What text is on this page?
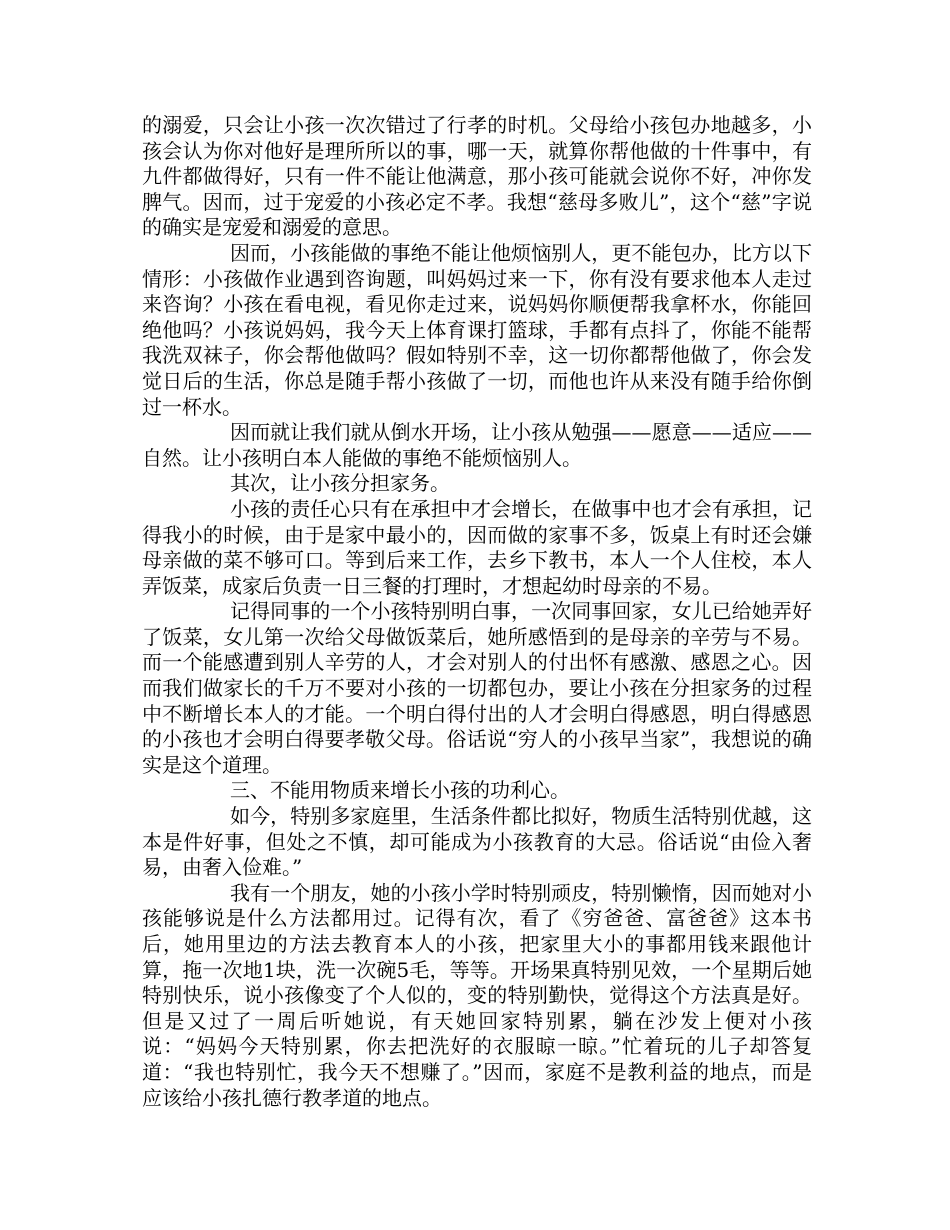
的溺爱，只会让小孩一次次错过了行孝的时机。父母给小孩包办地越多，小孩会认为你对他好是理所所以的事，哪一天，就算你帮他做的十件事中，有九件都做得好，只有一件不能让他满意，那小孩可能就会说你不好，冲你发脾气。因而，过于宠爱的小孩必定不孝。我想“慈母多败儿”，这个“慈”字说的确实是宠爱和溺爱的意思。

因而，小孩能做的事绝不能让他烦恼别人，更不能包办，比方以下情形：小孩做作业遇到咨询题，叫妈妈过来一下，你有没有要求他本人走过来咨询？小孩在看电视，看见你走过来，说妈妈你顺便帮我拿杯水，你能回绝他吗？小孩说妈妈，我今天上体育课打篮球，手都有点抖了，你能不能帮我洗双袜子，你会帮他做吗？假如特别不幸，这一切你都帮他做了，你会发觉日后的生活，你总是随手帮小孩做了一切，而他也许从来没有随手给你倒过一杯水。

因而就让我们就从倒水开场，让小孩从勉强——愿意——适应——自然。让小孩明白本人能做的事绝不能烦恼别人。

其次，让小孩分担家务。

小孩的责任心只有在承担中才会增长，在做事中也才会有承担，记得我小的时候，由于是家中最小的，因而做的家事不多，饭桌上有时还会嫌母亲做的菜不够可口。等到后来工作，去乡下教书，本人一个人住校，本人弄饭菜，成家后负责一日三餐的打理时，才想起幼时母亲的不易。

记得同事的一个小孩特别明白事，一次同事回家，女儿已给她弄好了饭菜，女儿第一次给父母做饭菜后，她所感悟到的是母亲的辛劳与不易。而一个能感遭到别人辛劳的人，才会对别人的付出怀有感激、感恩之心。因而我们做家长的千万不要对小孩的一切都包办，要让小孩在分担家务的过程中不断增长本人的才能。一个明白得付出的人才会明白得感恩，明白得感恩的小孩也才会明白得要孝敬父母。俗话说“穷人的小孩早当家”，我想说的确实是这个道理。

三、不能用物质来增长小孩的功利心。

如今，特别多家庭里，生活条件都比拟好，物质生活特别优越，这本是件好事，但处之不慎，却可能成为小孩教育的大忌。俗话说“由俭入奢易，由奢入俭难。”

我有一个朋友，她的小孩小学时特别顽皮，特别懒惰，因而她对小孩能够说是什么方法都用过。记得有次，看了《穷爸爸、富爸爸》这本书后，她用里边的方法去教育本人的小孩，把家里大小的事都用钱来跟他计算，拖一次地1块，洗一次碗5毛，等等。开场果真特别见效，一个星期后她特别快乐，说小孩像变了个人似的，变的特别勤快，觉得这个方法真是好。但是又过了一周后听她说，有天她回家特别累，躺在沙发上便对小孩说：“妈妈今天特别累，你去把洗好的衣服晾一晾。”忙着玩的儿子却答复道：“我也特别忙，我今天不想赚了。”因而，家庭不是教利益的地点，而是应该给小孩扎德行教孝道的地点。
